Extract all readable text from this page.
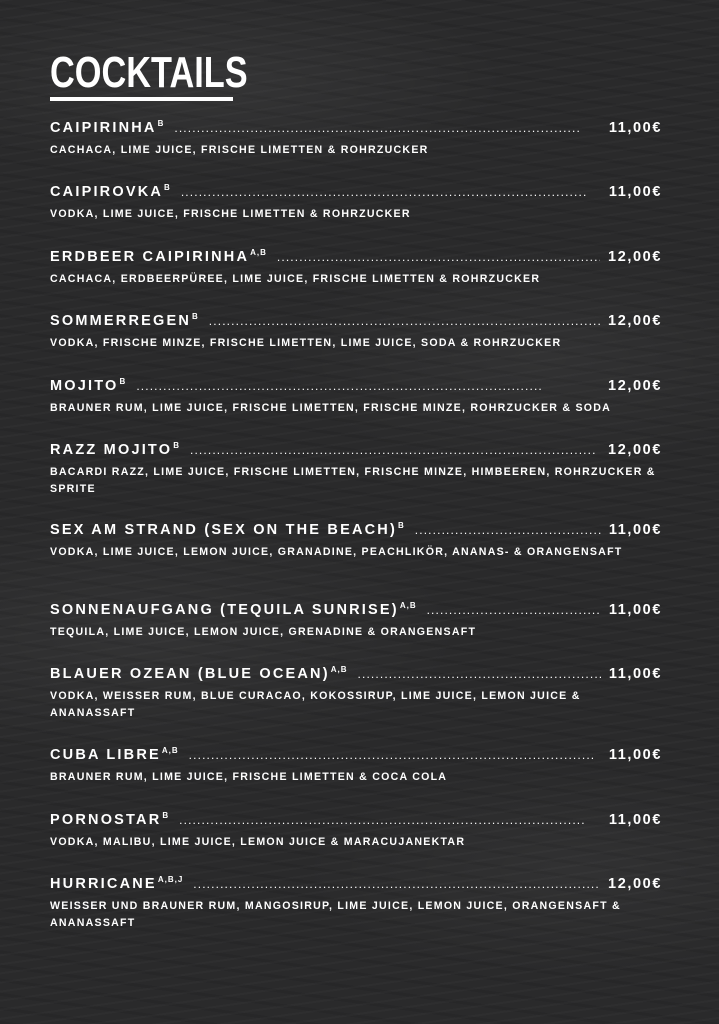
COCKTAILS
$CAIPIRINHA^B$ . . .	11,00€
CACHACA, LIME JUICE, FRISCHE LIMETTEN & ROHRZUCKER
$CAIPIROVKA^B$ . . .	11,00€
VODKA, LIME JUICE, FRISCHE LIMETTEN & ROHRZUCKER
ERDBEER $CAIPIRINHA^{A,B}$ . . .	12,00€
CACHACA, ERDBEERPÜREE, LIME JUICE, FRISCHE LIMETTEN & ROHRZUCKER
$SOMMERREGEN^B$ . . .	12,00€
VODKA, FRISCHE MINZE, FRISCHE LIMETTEN, LIME JUICE, SODA & ROHRZUCKER
$MOJITO^B$ . . .	12,00€
BRAUNER RUM, LIME JUICE, FRISCHE LIMETTEN, FRISCHE MINZE, ROHRZUCKER & SODA
RAZZ $MOJITO^B$ . . .	12,00€
BACARDI RAZZ, LIME JUICE, FRISCHE LIMETTEN, FRISCHE MINZE, HIMBEEREN, ROHRZUCKER & SPRITE
SEX AM STRAND (SEX ON THE BEACH)$^B$ . . .	11,00€
VODKA, LIME JUICE, LEMON JUICE, GRANADINE, PEACHLIKÖR, ANANAS- & ORANGENSAFT
SONNENAUFGANG (TEQUILA SUNRISE)$^{A,B}$ . . .	11,00€
TEQUILA, LIME JUICE, LEMON JUICE, GRENADINE & ORANGENSAFT
BLAUER OZEAN (BLUE OCEAN)$^{A,B}$ . . .	11,00€
VODKA, WEISSER RUM, BLUE CURACAO, KOKOSSIRUP, LIME JUICE, LEMON JUICE & ANANASSAFT
CUBA $LIBRE^{A,B}$ . . .	11,00€
BRAUNER RUM, LIME JUICE, FRISCHE LIMETTEN & COCA COLA
$PORNOSTAR^B$ . . .	11,00€
VODKA, MALIBU, LIME JUICE, LEMON JUICE & MARACUJANEKTAR
$HURRICANE^{A,B,J}$ . . .	12,00€
WEISSER UND BRAUNER RUM, MANGOSIRUP, LIME JUICE, LEMON JUICE, ORANGENSAFT & ANANASSAFT
